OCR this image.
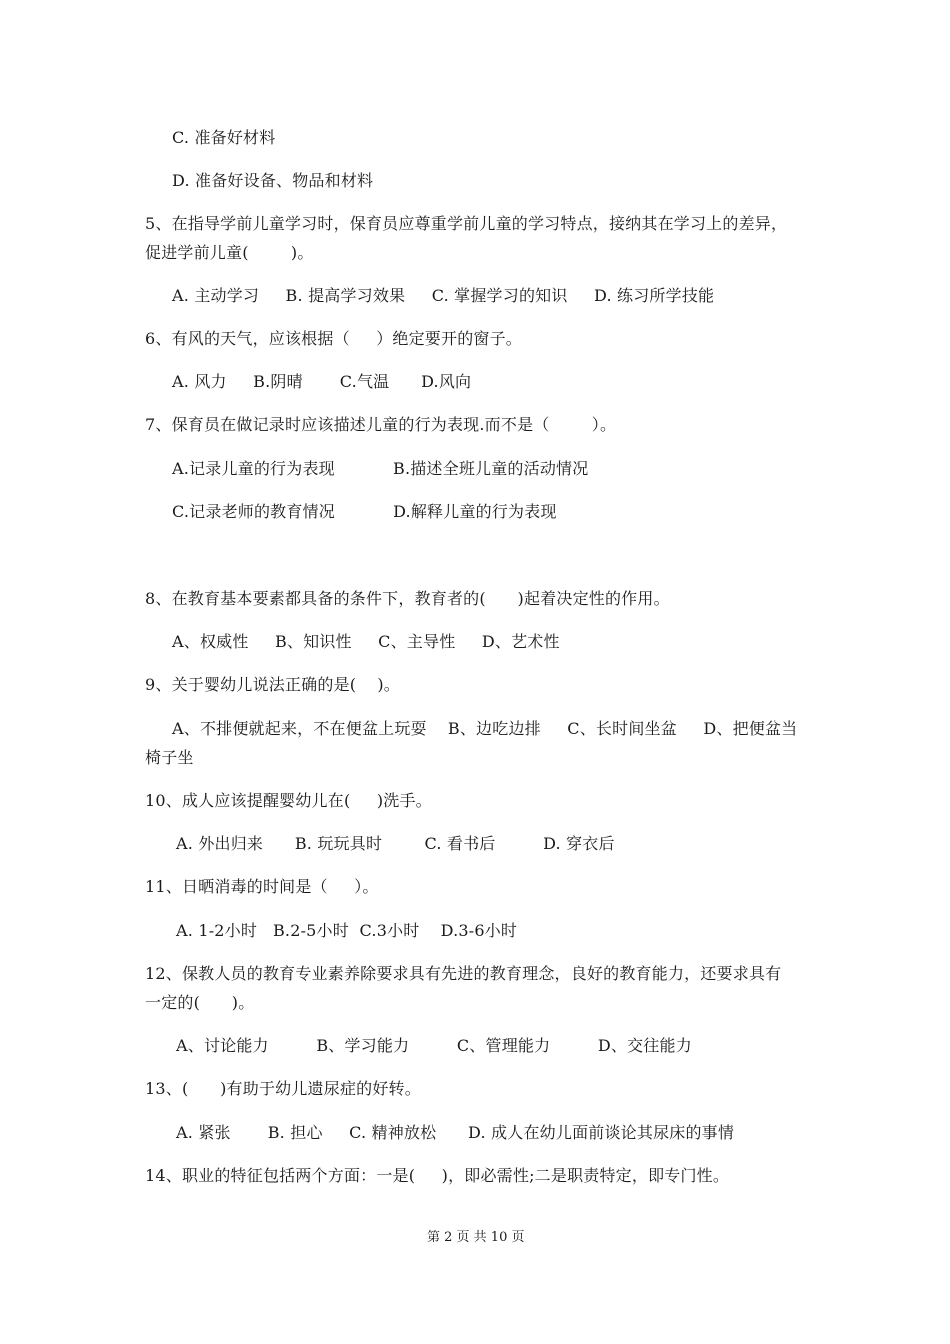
C. 准备好材料
D. 准备好设备、物品和材料
5、在指导学前儿童学习时，保育员应尊重学前儿童的学习特点，接纳其在学习上的差异，
促进学前儿童(        )。
A. 主动学习     B. 提高学习效果     C. 掌握学习的知识     D. 练习所学技能
6、有风的天气，应该根据（     ）绝定要开的窗子。
A. 风力     B.阴晴       C.气温      D.风向
7、保育员在做记录时应该描述儿童的行为表现.而不是（        ）。
A.记录儿童的行为表现           B.描述全班儿童的活动情况
C.记录老师的教育情况           D.解释儿童的行为表现
8、在教育基本要素都具备的条件下，教育者的(      )起着决定性的作用。
A、权威性     B、知识性     C、主导性     D、艺术性
9、关于婴幼儿说法正确的是(    )。
A、不排便就起来，不在便盆上玩耍    B、边吃边排     C、长时间坐盆     D、把便盆当
椅子坐
10、成人应该提醒婴幼儿在(     )洗手。
A. 外出归来      B. 玩玩具时        C. 看书后         D. 穿衣后
11、日晒消毒的时间是（     ）。
A. 1-2小时   B.2-5小时  C.3小时    D.3-6小时
12、保教人员的教育专业素养除要求具有先进的教育理念，良好的教育能力，还要求具有
一定的(      )。
A、讨论能力         B、学习能力         C、管理能力         D、交往能力
13、(      )有助于幼儿遗尿症的好转。
A. 紧张       B. 担心     C. 精神放松      D. 成人在幼儿面前谈论其尿床的事情
14、职业的特征包括两个方面：一是(     )，即必需性;二是职责特定，即专门性。
第 2 页 共 10 页
